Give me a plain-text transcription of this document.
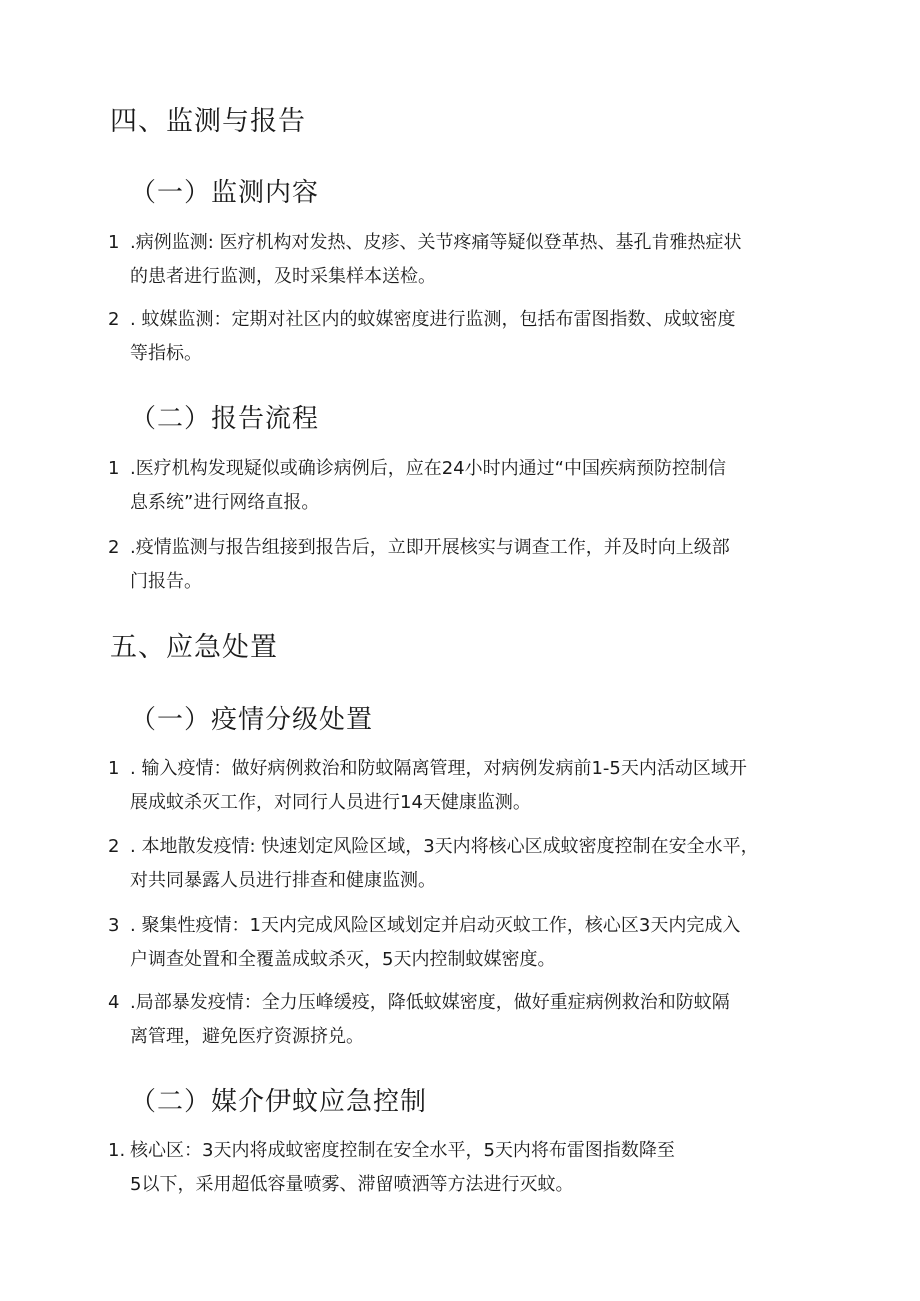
四、监测与报告
（一）监测内容
1 .病例监测: 医疗机构对发热、皮疹、关节疼痛等疑似登革热、基孔肯雅热症状
的患者进行监测，及时采集样本送检。
2 . 蚊媒监测：定期对社区内的蚊媒密度进行监测，包括布雷图指数、成蚊密度
等指标。
（二）报告流程
1 .医疗机构发现疑似或确诊病例后，应在24小时内通过“中国疾病预防控制信
息系统”进行网络直报。
2 .疫情监测与报告组接到报告后，立即开展核实与调查工作，并及时向上级部
门报告。
五、应急处置
（一）疫情分级处置
1 . 输入疫情：做好病例救治和防蚊隔离管理，对病例发病前1-5天内活动区域开
展成蚊杀灭工作，对同行人员进行14天健康监测。
2 . 本地散发疫情: 快速划定风险区域，3天内将核心区成蚊密度控制在安全水平，
对共同暴露人员进行排查和健康监测。
3 . 聚集性疫情：1天内完成风险区域划定并启动灭蚊工作，核心区3天内完成入
户调查处置和全覆盖成蚊杀灭，5天内控制蚊媒密度。
4 .局部暴发疫情：全力压峰缓疫，降低蚊媒密度，做好重症病例救治和防蚊隔
离管理，避免医疗资源挤兑。
（二）媒介伊蚊应急控制
1. 核心区：3天内将成蚊密度控制在安全水平，5天内将布雷图指数降至
5以下，采用超低容量喷雾、滞留喷洒等方法进行灭蚊。
